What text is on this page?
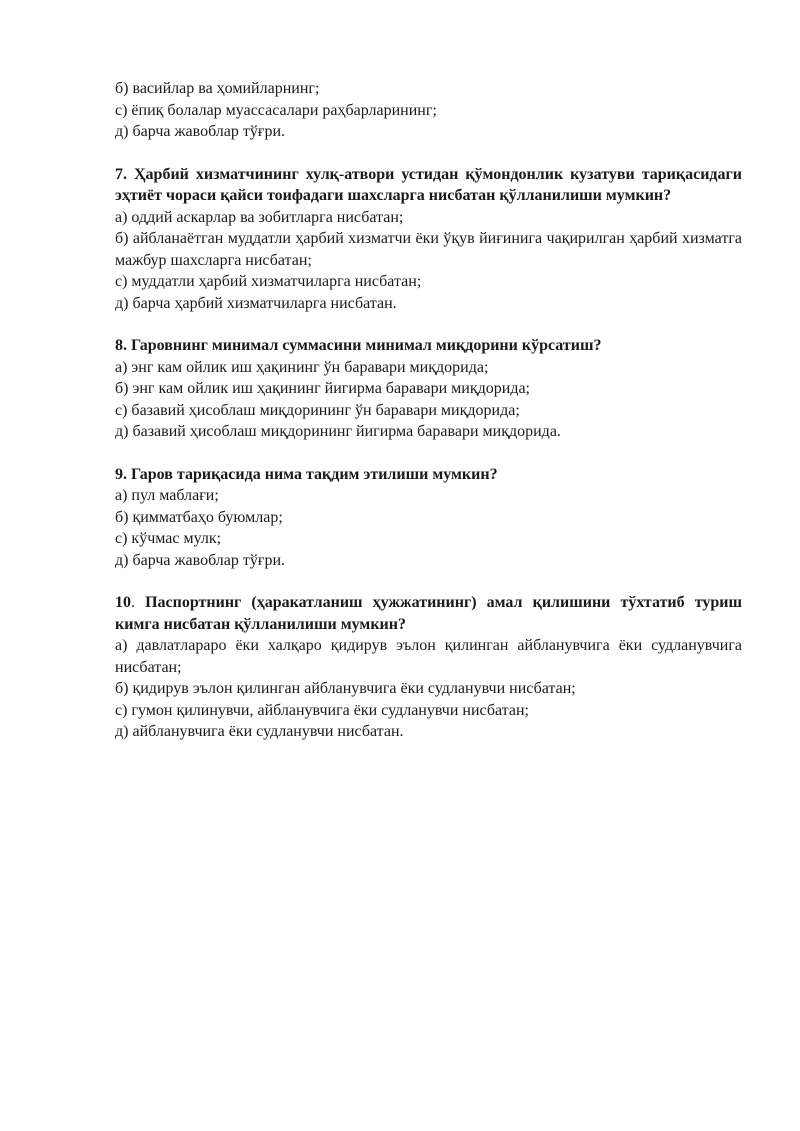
б) васийлар ва ҳомийларнинг;

с) ёпиқ болалар муассасалари раҳбарларининг;

д) барча жавоблар тўғри.

7. Ҳарбий хизматчининг хулқ-атвори устидан қўмондонлик кузатуви тариқасидаги эҳтиёт чораси қайси тоифадаги шахсларга нисбатан қўлланилиши мумкин?

а) оддий аскарлар ва зобитларга нисбатан;

б) айбланаётган муддатли ҳарбий хизматчи ёки ўқув йиғинига чақирилган ҳарбий хизматга мажбур шахсларга нисбатан;

с) муддатли ҳарбий хизматчиларга нисбатан;

д) барча ҳарбий хизматчиларга нисбатан.

8. Гаровнинг минимал суммасини минимал миқдорини кўрсатиш?

а) энг кам ойлик иш ҳақининг ўн баравари миқдорида;

б) энг кам ойлик иш ҳақининг йигирма баравари миқдорида;

с) базавий ҳисоблаш миқдорининг ўн баравари миқдорида;

д) базавий ҳисоблаш миқдорининг йигирма баравари миқдорида.

9. Гаров тариқасида нима тақдим этилиши мумкин?

а) пул маблағи;

б) қимматбаҳо буюмлар;

с) кўчмас мулк;

д) барча жавоблар тўғри.

10. Паспортнинг (ҳаракатланиш ҳужжатининг) амал қилишини тўхтатиб туриш кимга нисбатан қўлланилиши мумкин?

а) давлатлараро ёки халқаро қидирув эълон қилинган айбланувчига ёки судланувчига нисбатан;

б) қидирув эълон қилинган айбланувчига ёки судланувчи нисбатан;

с) гумон қилинувчи, айбланувчига ёки судланувчи нисбатан;

д) айбланувчига ёки судланувчи нисбатан.
